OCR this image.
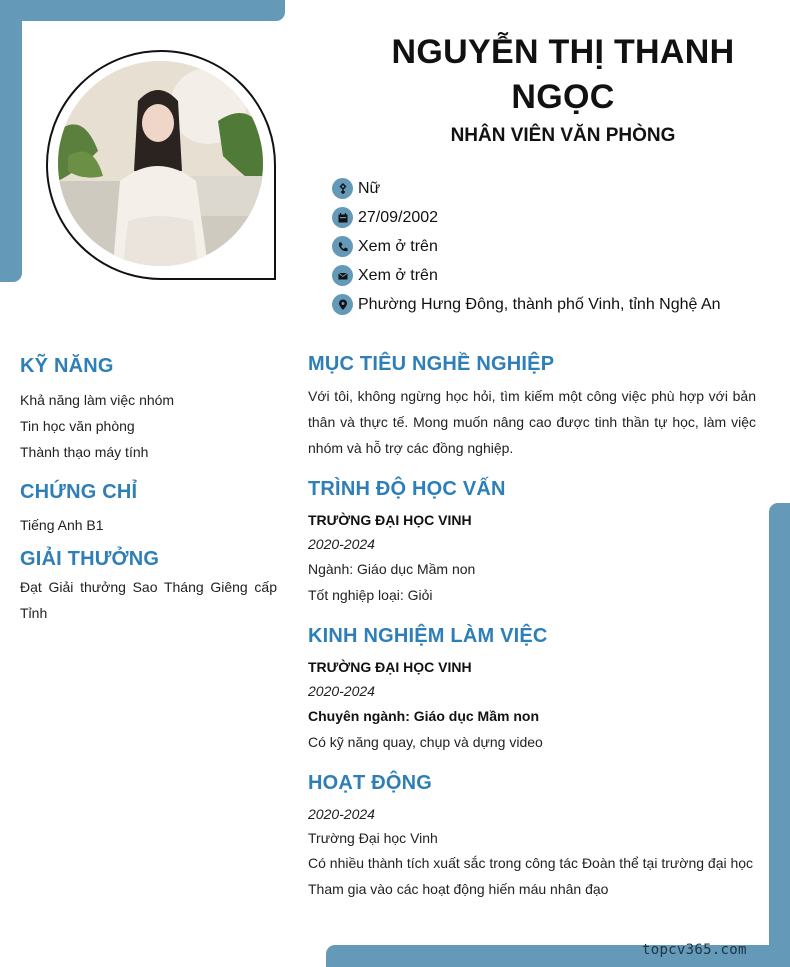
NGUYỄN THỊ THANH NGỌC
NHÂN VIÊN VĂN PHÒNG
Nữ
27/09/2002
Xem ở trên
Xem ở trên
Phường Hưng Đông, thành phố Vinh, tỉnh Nghệ An
KỸ NĂNG
Khả năng làm việc nhóm
Tin học văn phòng
Thành thạo máy tính
CHỨNG CHỈ
Tiếng Anh B1
GIẢI THƯỞNG
Đạt Giải thưởng Sao Tháng Giêng cấp Tỉnh
MỤC TIÊU NGHỀ NGHIỆP
Với tôi, không ngừng học hỏi, tìm kiếm một công việc phù hợp với bản thân và thực tế. Mong muốn nâng cao được tinh thần tự học, làm việc nhóm và hỗ trợ các đồng nghiệp.
TRÌNH ĐỘ HỌC VẤN
TRƯỜNG ĐẠI HỌC VINH
2020-2024
Ngành: Giáo dục Mầm non
Tốt nghiệp loại: Giỏi
KINH NGHIỆM LÀM VIỆC
TRƯỜNG ĐẠI HỌC VINH
2020-2024
Chuyên ngành: Giáo dục Mầm non
Có kỹ năng quay, chụp và dựng video
HOẠT ĐỘNG
2020-2024
Trường Đại học Vinh
Có nhiều thành tích xuất sắc trong công tác Đoàn thể tại trường đại học
Tham gia vào các hoạt động hiến máu nhân đạo
topcv365.com
